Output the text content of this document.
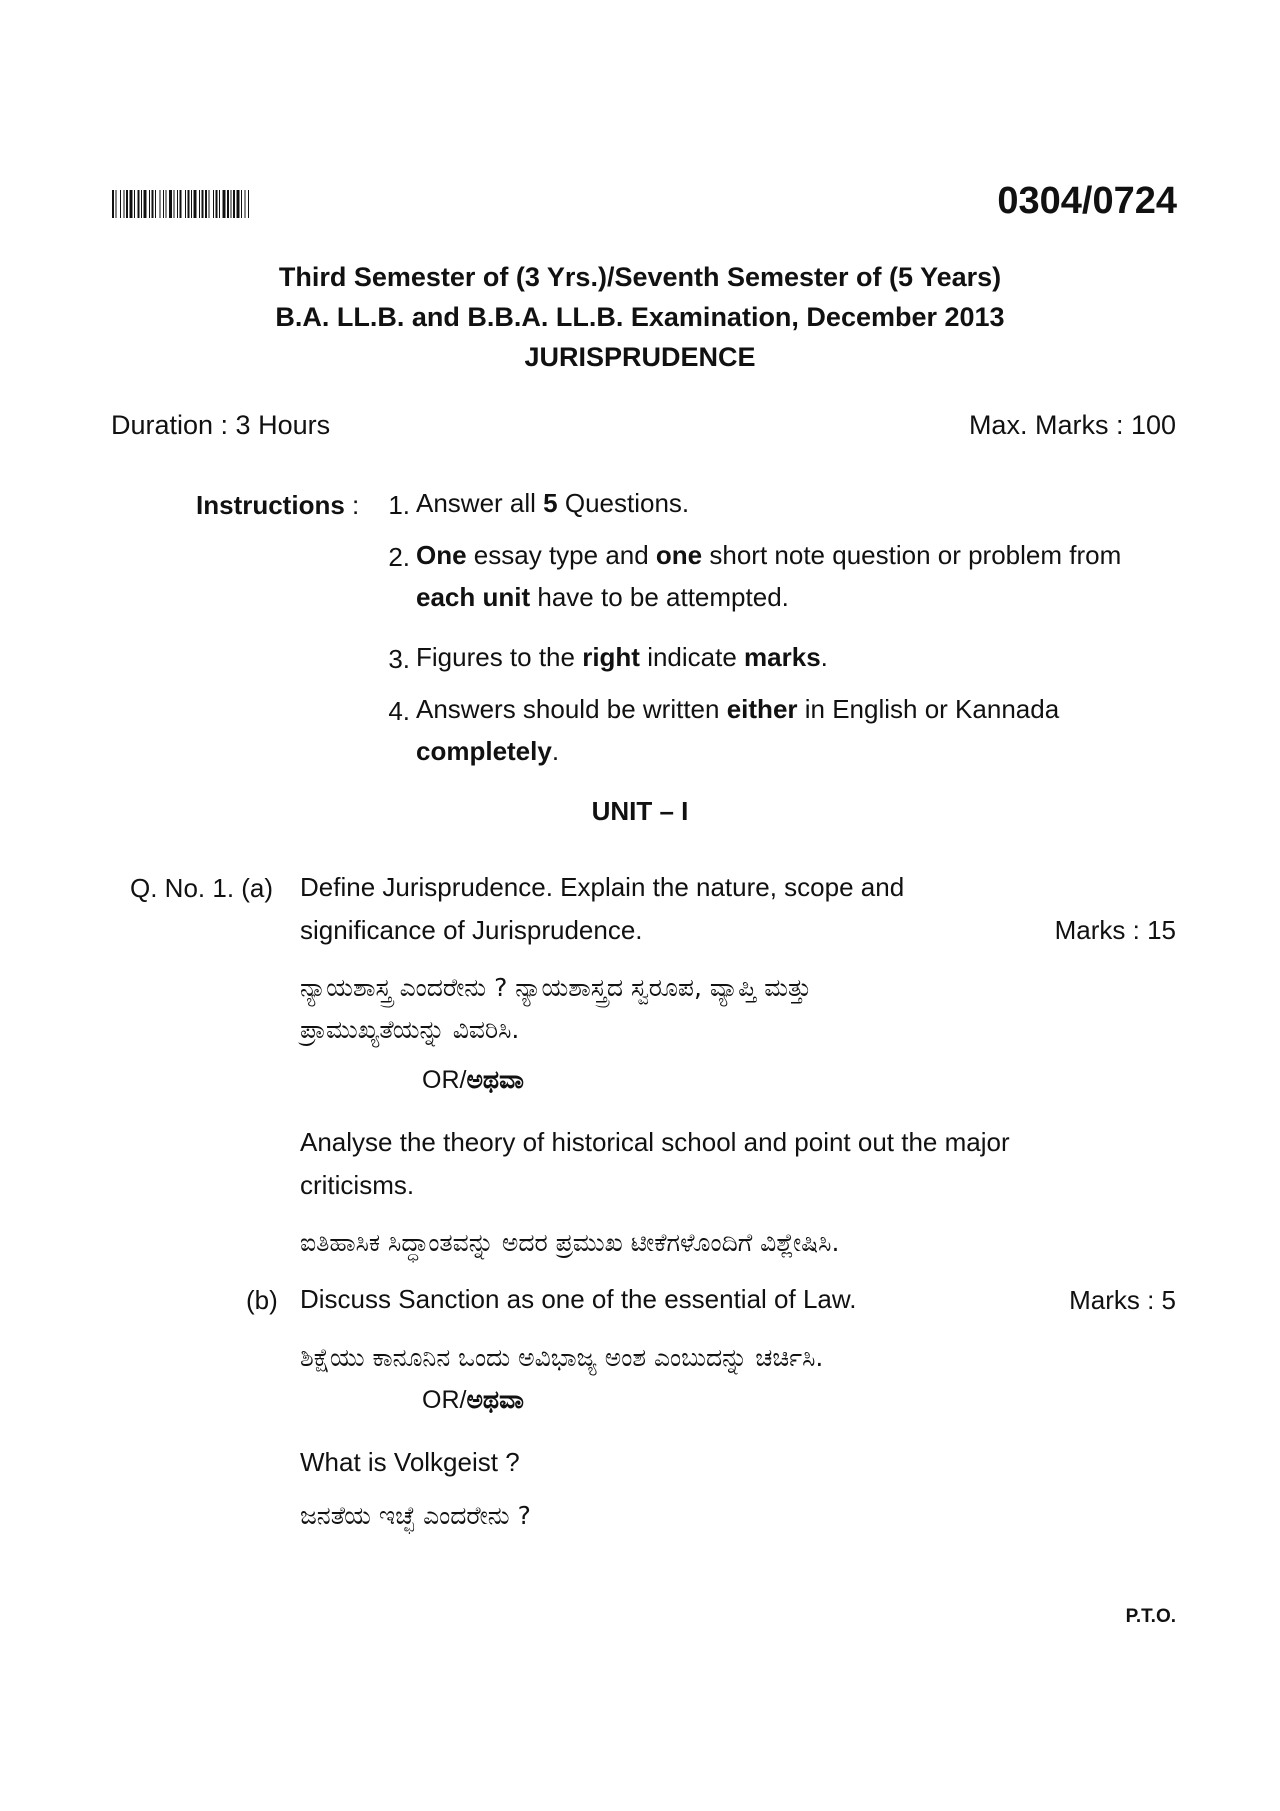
0304/0724
Third Semester of (3 Yrs.)/Seventh Semester of (5 Years)
B.A. LL.B. and B.B.A. LL.B. Examination, December 2013
JURISPRUDENCE
Duration : 3 Hours	Max. Marks : 100
Instructions :	1. Answer all 5 Questions.
2. One essay type and one short note question or problem from each unit have to be attempted.
3. Figures to the right indicate marks.
4. Answers should be written either in English or Kannada completely.
UNIT – I
Q. No. 1. (a) Define Jurisprudence. Explain the nature, scope and significance of Jurisprudence.	Marks : 15
ನ್ಯಾಯಶಾಸ್ತ್ರ ಎಂದರೇನು ? ನ್ಯಾಯಶಾಸ್ತ್ರದ ಸ್ವರೂಪ, ವ್ಯಾಪ್ತಿ ಮತ್ತು ಪ್ರಾಮುಖ್ಯತೆಯನ್ನು ವಿವರಿಸಿ.
OR/ಅಥವಾ
Analyse the theory of historical school and point out the major criticisms.
ಐತಿಹಾಸಿಕ ಸಿದ್ಧಾಂತವನ್ನು ಅದರ ಪ್ರಮುಖ ಟೀಕೆಗಳೊಂದಿಗೆ ವಿಶ್ಲೇಷಿಸಿ.
(b) Discuss Sanction as one of the essential of Law.	Marks : 5
ಶಿಕ್ಷೆಯು ಕಾನೂನಿನ ಒಂದು ಅವಿಭಾಜ್ಯ ಅಂಶ ಎಂಬುದನ್ನು ಚರ್ಚಿಸಿ.
OR/ಅಥವಾ
What is Volkgeist ?
ಜನತೆಯ ಇಚ್ಛೆ ಎಂದರೇನು ?
P.T.O.
